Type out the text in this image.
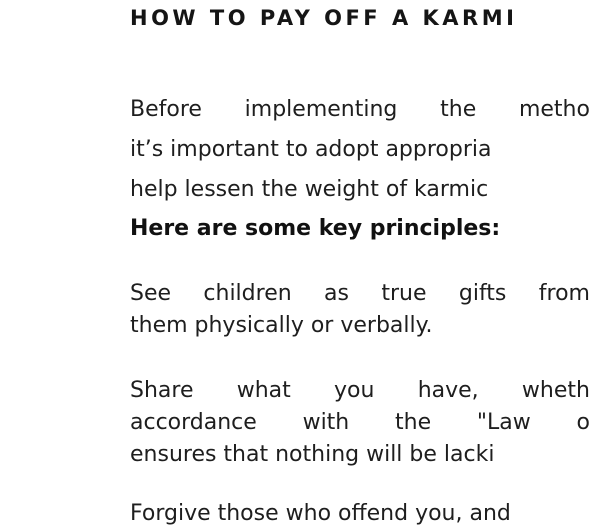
HOW TO PAY OFF A KARMI
Before implementing the metho
it’s important to adopt appropria
help lessen the weight of karmic
Here are some key principles:
See children as true gifts from
them physically or verbally.
Share what you have, wheth
accordance with the "Law o
ensures that nothing will be lacki
Forgive those who offend you, and
